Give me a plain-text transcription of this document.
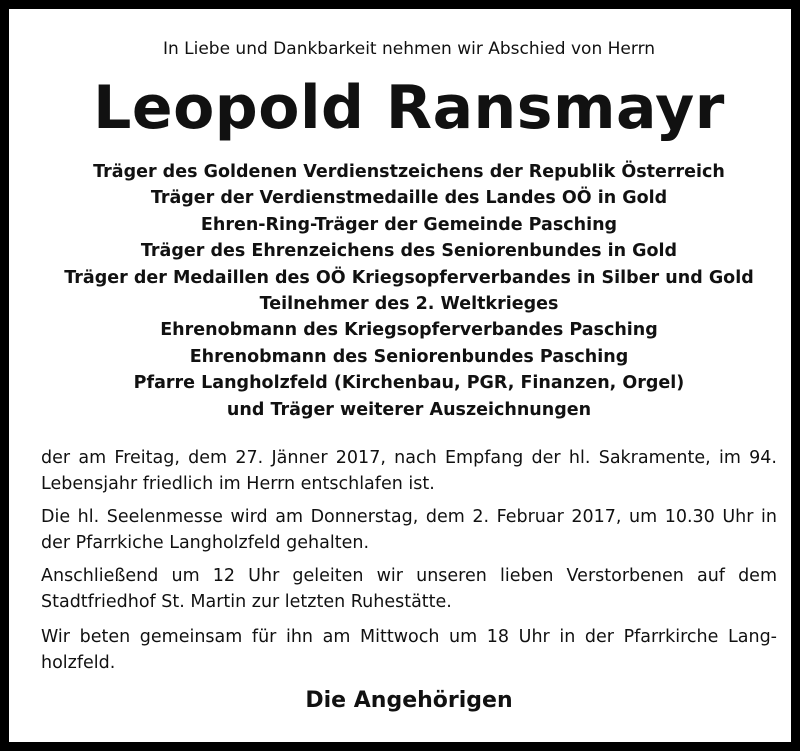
In Liebe und Dankbarkeit nehmen wir Abschied von Herrn
Leopold Ransmayr
Träger des Goldenen Verdienstzeichens der Republik Österreich
Träger der Verdienstmedaille des Landes OÖ in Gold
Ehren-Ring-Träger der Gemeinde Pasching
Träger des Ehrenzeichens des Seniorenbundes in Gold
Träger der Medaillen des OÖ Kriegsopferverbandes in Silber und Gold
Teilnehmer des 2. Weltkrieges
Ehrenobmann des Kriegsopferverbandes Pasching
Ehrenobmann des Seniorenbundes Pasching
Pfarre Langholzfeld (Kirchenbau, PGR, Finanzen, Orgel)
und Träger weiterer Auszeichnungen

der am Freitag, dem 27. Jänner 2017, nach Empfang der hl. Sakramente, im 94. Lebensjahr friedlich im Herrn entschlafen ist.

Die hl. Seelenmesse wird am Donnerstag, dem 2. Februar 2017, um 10.30 Uhr in der Pfarrkiche Langholzfeld gehalten.

Anschließend um 12 Uhr geleiten wir unseren lieben Verstorbenen auf dem Stadtfriedhof St. Martin zur letzten Ruhestätte.

Wir beten gemeinsam für ihn am Mittwoch um 18 Uhr in der Pfarrkirche Lang-holzfeld.

Die Angehörigen
